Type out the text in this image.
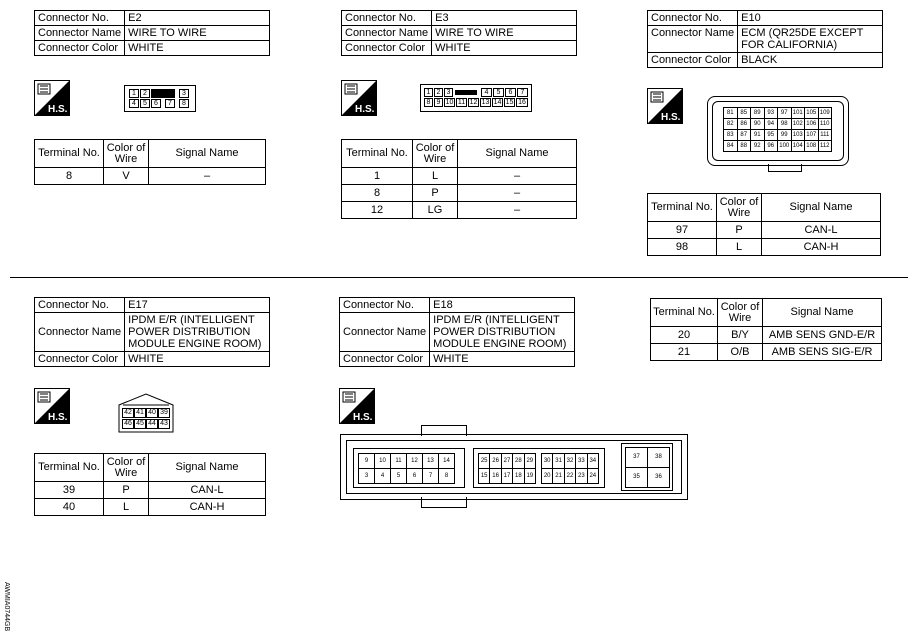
Connector No.	E2
Connector Name	WIRE TO WIRE
Connector Color	WHITE
H.S.
1	2	3
4	5	6	7	8
Terminal No.	Color of Wire	Signal Name
8	V	–
Connector No.	E3
Connector Name	WIRE TO WIRE
Connector Color	WHITE
H.S.
1 2 3	4	5	6	7
8 9 10 11 12 13 14 15 16
Terminal No.	Color of Wire	Signal Name
1	L	–
8	P	–
12	LG	–
Connector No.	E10
Connector Name	ECM (QR25DE EXCEPT FOR CALIFORNIA)
Connector Color	BLACK
H.S.	81	85	89	93	97 101 105 109
82	86	90	94	98 102 106 110
83	87	91	95	99 103 107 111
84	88	92	96 100 104 108 112
Terminal No.	Color of Wire	Signal Name
97	P	CAN-L
98	L	CAN-H
Connector No.	E17
Connector Name	IPDM E/R (INTELLIGENT POWER DISTRIBUTION MODULE ENGINE ROOM)
Connector Color	WHITE
H.S.	42 41 40 39
46 45 44 43
Terminal No.	Color of Wire	Signal Name
39	P	CAN-L
40	L	CAN-H
Connector No.	E18
Connector Name	IPDM E/R (INTELLIGENT POWER DISTRIBUTION MODULE ENGINE ROOM)
Connector Color	WHITE
H.S.
9	10	11	12	13	14
3	4	5	6	7	8
25 26 27 28 29	30 31 32 33 34
15 16 17 18 19	20 21 22 23 24
37	38
35	36
Terminal No.	Color of Wire	Signal Name
20	B/Y	AMB SENS GND-E/R
21	O/B	AMB SENS SIG-E/R
AWMIA0744GB
